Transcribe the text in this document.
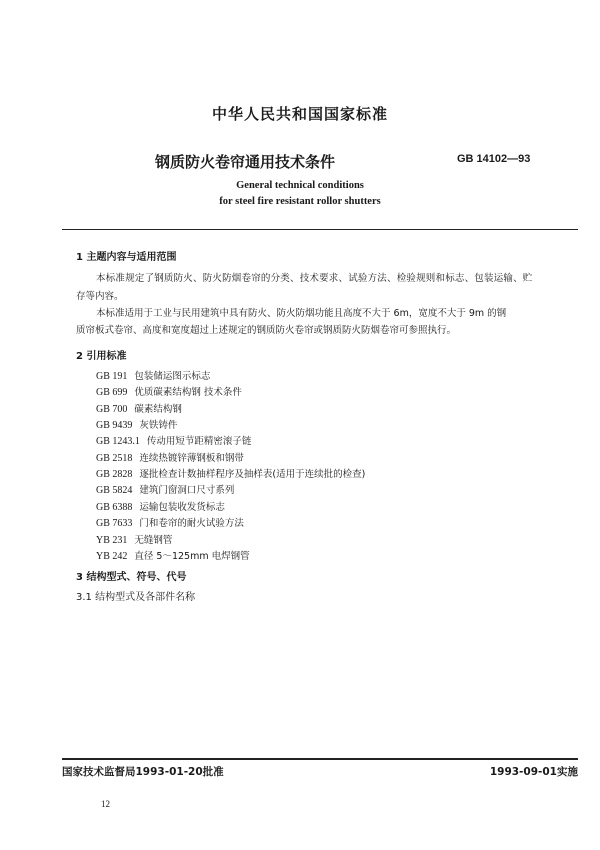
中华人民共和国国家标准
钢质防火卷帘通用技术条件	GB 14102—93
General technical conditions
for steel fire resistant rollor shutters
1 主题内容与适用范围
本标准规定了钢质防火、防火防烟卷帘的分类、技术要求、试验方法、检验规则和标志、包装运输、贮
存等内容。
本标准适用于工业与民用建筑中具有防火、防火防烟功能且高度不大于 6m，宽度不大于 9m 的钢
质帘板式卷帘、高度和宽度超过上述规定的钢质防火卷帘或钢质防火防烟卷帘可参照执行。
2 引用标准
GB 191 包装储运图示标志
GB 699 优质碳素结构钢 技术条件
GB 700 碳素结构钢
GB 9439 灰铁铸件
GB 1243.1 传动用短节距精密滚子链
GB 2518 连续热镀锌薄钢板和钢带
GB 2828 逐批检查计数抽样程序及抽样表(适用于连续批的检查)
GB 5824 建筑门窗洞口尺寸系列
GB 6388 运输包装收发货标志
GB 7633 门和卷帘的耐火试验方法
YB 231 无缝钢管
YB 242 直径 5～125mm 电焊钢管
3 结构型式、符号、代号
3.1 结构型式及各部件名称
国家技术监督局1993-01-20批准	1993-09-01实施
12
